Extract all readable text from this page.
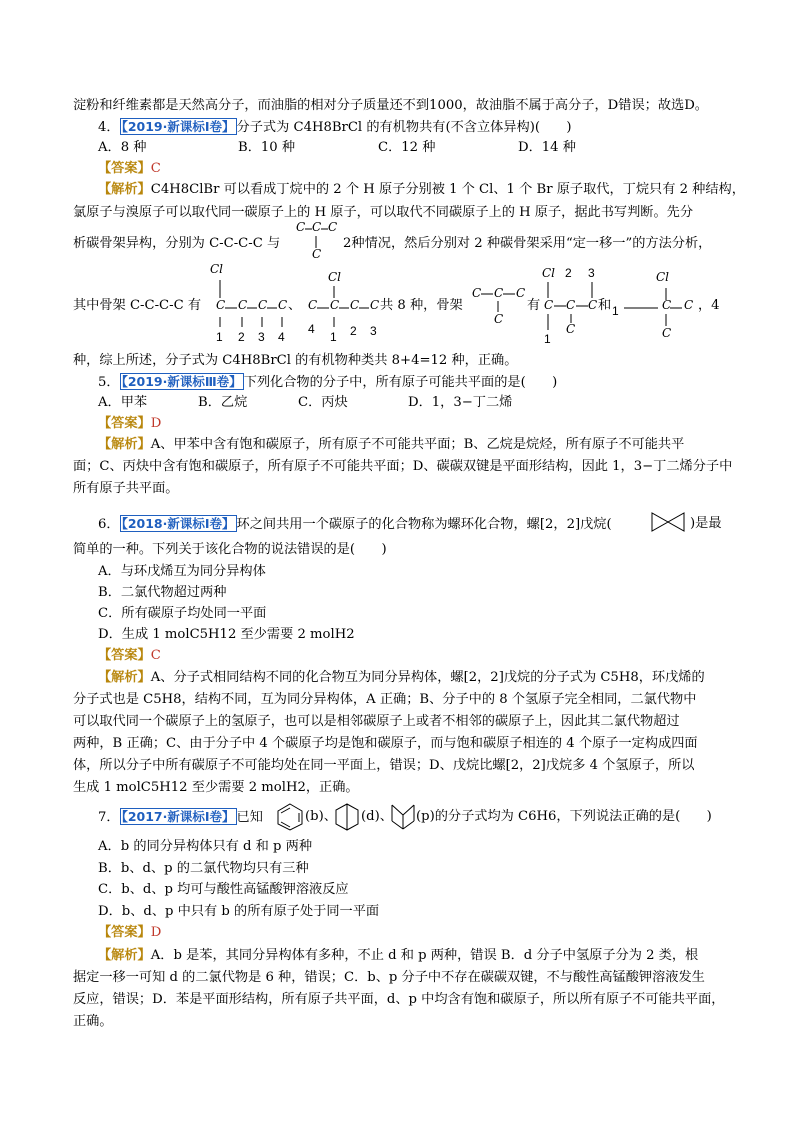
淀粉和纤维素都是天然高分子，而油脂的相对分子质量还不到1000，故油脂不属于高分子，D错误；故选D。
4． 【2019·新课标Ⅰ卷】 分子式为 C4H8BrCl 的有机物共有(不含立体异构)(　　)
A．8 种	B．10 种	C．12 种	D．14 种
【答案】C
【解析】C4H8ClBr 可以看成丁烷中的 2 个 H 原子分别被 1 个 Cl、1 个 Br 原子取代，丁烷只有 2 种结构，
氯原子与溴原子可以取代同一碳原子上的 H 原子，可以取代不同碳原子上的 H 原子，据此书写判断。先分
析碳骨架异构，分别为 C-C-C-C 与	2种情况，然后分别对 2 种碳骨架采用“定一移一”的方法分析，
C C C
C
其中骨架 C-C-C-C 有
Cl
C C C C
1 2 3 4
、
Cl
C C C C
4
1 2 3
共 8 种，骨架
C C C
C
有
Cl 2 3
C C C
C
1
和 1
Cl
C C
C
，4
种，综上所述，分子式为 C4H8BrCl 的有机物种类共 8+4=12 种，正确。
5． 【2019·新课标Ⅲ卷】 下列化合物的分子中，所有原子可能共平面的是(　　)
A．甲苯	B．乙烷	C．丙炔	D．1，3−丁二烯
【答案】D
【解析】A、甲苯中含有饱和碳原子，所有原子不可能共平面；B、乙烷是烷烃，所有原子不可能共平
面；C、丙炔中含有饱和碳原子，所有原子不可能共平面；D、碳碳双键是平面形结构，因此 1，3−丁二烯分子中
所有原子共平面。
6． 【2018·新课标Ⅰ卷】 环之间共用一个碳原子的化合物称为螺环化合物，螺[2，2]戊烷(	)是最
简单的一种。下列关于该化合物的说法错误的是(　　)
A．与环戊烯互为同分异构体
B．二氯代物超过两种
C．所有碳原子均处同一平面
D．生成 1 molC5H12 至少需要 2 molH2
【答案】C
【解析】A、分子式相同结构不同的化合物互为同分异构体，螺[2，2]戊烷的分子式为 C5H8，环戊烯的
分子式也是 C5H8，结构不同，互为同分异构体，A 正确；B、分子中的 8 个氢原子完全相同，二氯代物中
可以取代同一个碳原子上的氢原子，也可以是相邻碳原子上或者不相邻的碳原子上，因此其二氯代物超过
两种，B 正确；C、由于分子中 4 个碳原子均是饱和碳原子，而与饱和碳原子相连的 4 个原子一定构成四面
体，所以分子中所有碳原子不可能均处在同一平面上，错误；D、戊烷比螺[2，2]戊烷多 4 个氢原子，所以
生成 1 molC5H12 至少需要 2 molH2，正确。
7． 【2017·新课标Ⅰ卷】 已知	(b)、 (d)、 (p)的分子式均为 C6H6，下列说法正确的是(　　)
A．b 的同分异构体只有 d 和 p 两种
B．b、d、p 的二氯代物均只有三种
C．b、d、p 均可与酸性高锰酸钾溶液反应
D．b、d、p 中只有 b 的所有原子处于同一平面
【答案】D
【解析】A．b 是苯，其同分异构体有多种，不止 d 和 p 两种，错误 B．d 分子中氢原子分为 2 类，根
据定一移一可知 d 的二氯代物是 6 种，错误；C．b、p 分子中不存在碳碳双键，不与酸性高锰酸钾溶液发生
反应，错误；D．苯是平面形结构，所有原子共平面，d、p 中均含有饱和碳原子，所以所有原子不可能共平面，
正确。
